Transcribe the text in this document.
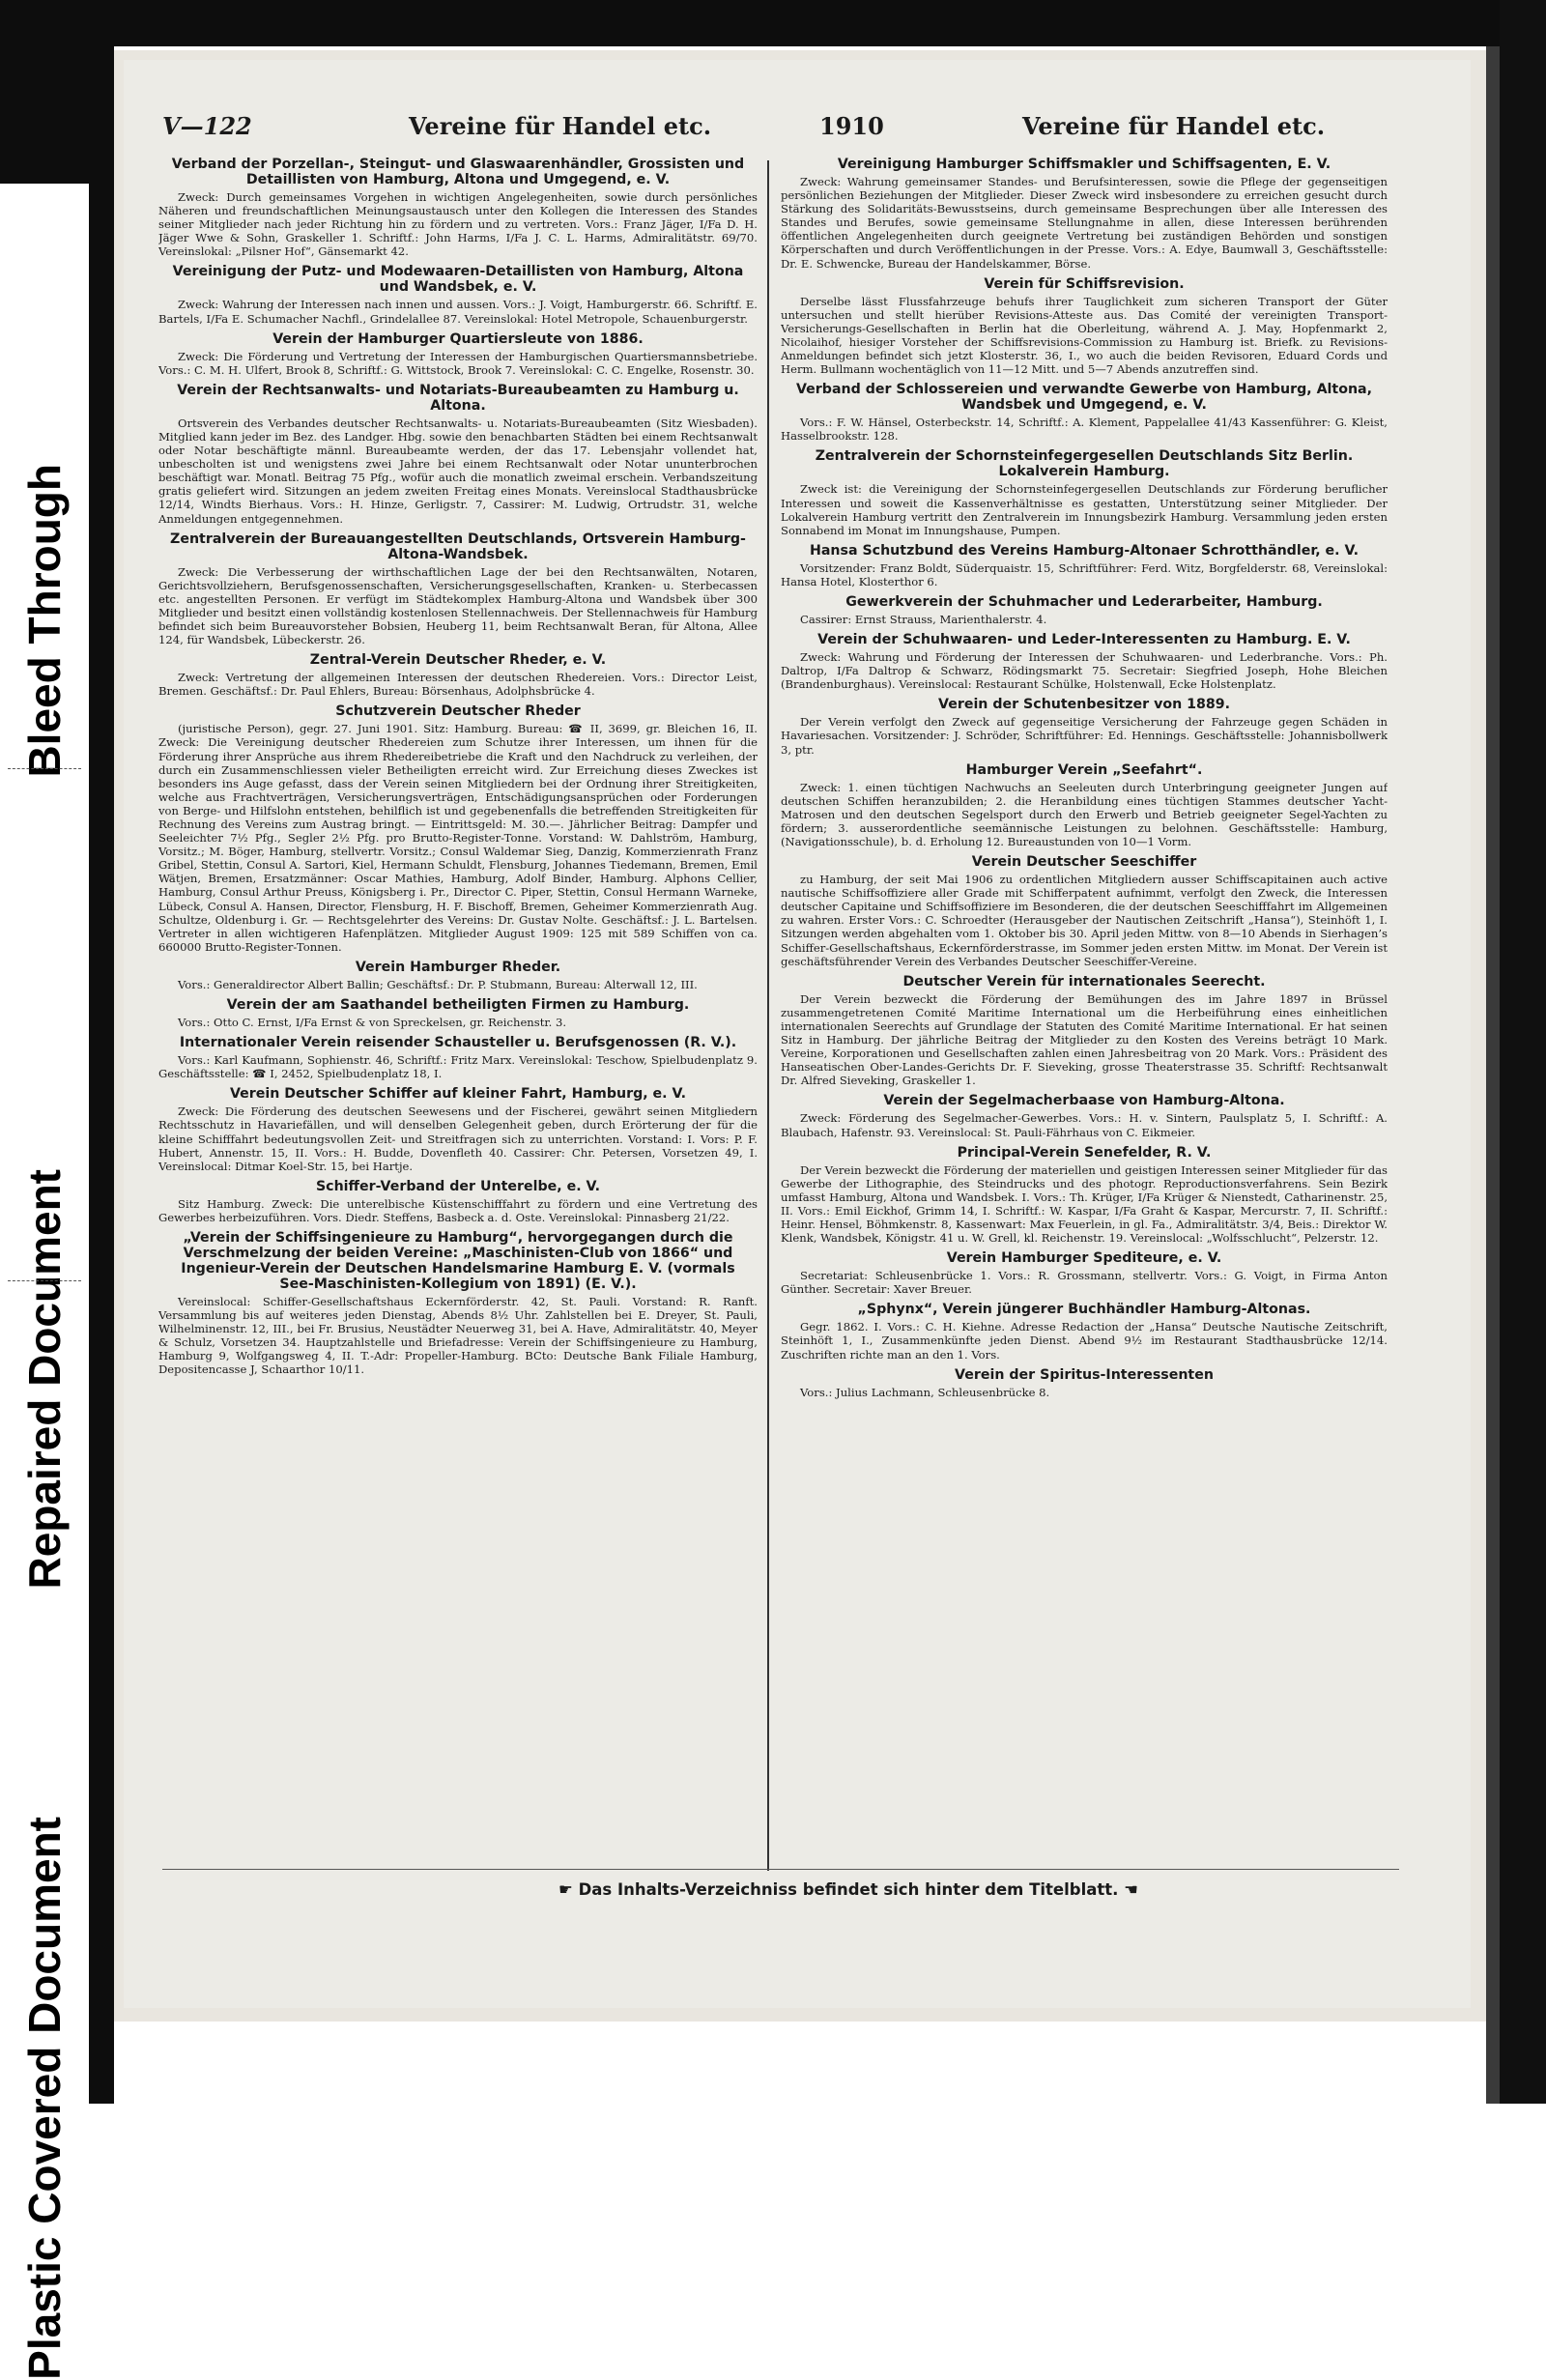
Bleed Through
Repaired Document
Plastic Covered Document
V—122	Vereine für Handel etc.	1910	Vereine für Handel etc.
Verband der Porzellan-, Steingut- und Glaswaarenhändler, Grossisten und Detaillisten von Hamburg, Altona und Umgegend, e. V.

Zweck: Durch gemeinsames Vorgehen in wichtigen Angelegenheiten, sowie durch persönliches Näheren und freundschaftlichen Meinungsaustausch unter den Kollegen die Interessen des Standes seiner Mitglieder nach jeder Richtung hin zu fördern und zu vertreten. Vors.: Franz Jäger, I/Fa D. H. Jäger Wwe & Sohn, Graskeller 1. Schriftf.: John Harms, I/Fa J. C. L. Harms, Admiralitätstr. 69/70. Vereinslokal: „Pilsner Hof“, Gänsemarkt 42.

Vereinigung der Putz- und Modewaaren-Detaillisten von Hamburg, Altona und Wandsbek, e. V.

Zweck: Wahrung der Interessen nach innen und aussen. Vors.: J. Voigt, Hamburgerstr. 66. Schriftf. E. Bartels, I/Fa E. Schumacher Nachfl., Grindelallee 87. Vereinslokal: Hotel Metropole, Schauenburgerstr.

Verein der Hamburger Quartiersleute von 1886.

Zweck: Die Förderung und Vertretung der Interessen der Hamburgischen Quartiersmannsbetriebe. Vors.: C. M. H. Ulfert, Brook 8, Schriftf.: G. Wittstock, Brook 7. Vereinslokal: C. C. Engelke, Rosenstr. 30.

Verein der Rechtsanwalts- und Notariats-Bureaubeamten zu Hamburg u. Altona.

Ortsverein des Verbandes deutscher Rechtsanwalts- u. Notariats-Bureaubeamten (Sitz Wiesbaden). Mitglied kann jeder im Bez. des Landger. Hbg. sowie den benachbarten Städten bei einem Rechtsanwalt oder Notar beschäftigte männl. Bureaubeamte werden, der das 17. Lebensjahr vollendet hat, unbescholten ist und wenigstens zwei Jahre bei einem Rechtsanwalt oder Notar ununterbrochen beschäftigt war. Monatl. Beitrag 75 Pfg., wofür auch die monatlich zweimal erschein. Verbandszeitung gratis geliefert wird. Sitzungen an jedem zweiten Freitag eines Monats. Vereinslocal Stadthausbrücke 12/14, Windts Bierhaus. Vors.: H. Hinze, Gerligstr. 7, Cassirer: M. Ludwig, Ortrudstr. 31, welche Anmeldungen entgegennehmen.

Zentralverein der Bureauangestellten Deutschlands, Ortsverein Hamburg-Altona-Wandsbek.

Zweck: Die Verbesserung der wirthschaftlichen Lage der bei den Rechtsanwälten, Notaren, Gerichtsvollziehern, Berufsgenossenschaften, Versicherungsgesellschaften, Kranken- u. Sterbecassen etc. angestellten Personen. Er verfügt im Städtekomplex Hamburg-Altona und Wandsbek über 300 Mitglieder und besitzt einen vollständig kostenlosen Stellennachweis. Der Stellennachweis für Hamburg befindet sich beim Bureauvorsteher Bobsien, Heuberg 11, beim Rechtsanwalt Beran, für Altona, Allee 124, für Wandsbek, Lübeckerstr. 26.

Zentral-Verein Deutscher Rheder, e. V.

Zweck: Vertretung der allgemeinen Interessen der deutschen Rhedereien. Vors.: Director Leist, Bremen. Geschäftsf.: Dr. Paul Ehlers, Bureau: Börsenhaus, Adolphsbrücke 4.

Schutzverein Deutscher Rheder

(juristische Person), gegr. 27. Juni 1901. Sitz: Hamburg. Bureau: ☎ II, 3699, gr. Bleichen 16, II. Zweck: Die Vereinigung deutscher Rhedereien zum Schutze ihrer Interessen, um ihnen für die Förderung ihrer Ansprüche aus ihrem Rhedereibetriebe die Kraft und den Nachdruck zu verleihen, der durch ein Zusammenschliessen vieler Betheiligten erreicht wird. Zur Erreichung dieses Zweckes ist besonders ins Auge gefasst, dass der Verein seinen Mitgliedern bei der Ordnung ihrer Streitigkeiten, welche aus Frachtverträgen, Versicherungsverträgen, Entschädigungsansprüchen oder Forderungen von Berge- und Hilfslohn entstehen, behilflich ist und gegebenenfalls die betreffenden Streitigkeiten für Rechnung des Vereins zum Austrag bringt. — Eintrittsgeld: M. 30.—. Jährlicher Beitrag: Dampfer und Seeleichter 7½ Pfg., Segler 2½ Pfg. pro Brutto-Register-Tonne. Vorstand: W. Dahlström, Hamburg, Vorsitz.; M. Böger, Hamburg, stellvertr. Vorsitz.; Consul Waldemar Sieg, Danzig, Kommerzienrath Franz Gribel, Stettin, Consul A. Sartori, Kiel, Hermann Schuldt, Flensburg, Johannes Tiedemann, Bremen, Emil Wätjen, Bremen, Ersatzmänner: Oscar Mathies, Hamburg, Adolf Binder, Hamburg. Alphons Cellier, Hamburg, Consul Arthur Preuss, Königsberg i. Pr., Director C. Piper, Stettin, Consul Hermann Warneke, Lübeck, Consul A. Hansen, Director, Flensburg, H. F. Bischoff, Bremen, Geheimer Kommerzienrath Aug. Schultze, Oldenburg i. Gr. — Rechtsgelehrter des Vereins: Dr. Gustav Nolte. Geschäftsf.: J. L. Bartelsen. Vertreter in allen wichtigeren Hafenplätzen. Mitglieder August 1909: 125 mit 589 Schiffen von ca. 660000 Brutto-Register-Tonnen.

Verein Hamburger Rheder.

Vors.: Generaldirector Albert Ballin; Geschäftsf.: Dr. P. Stubmann, Bureau: Alterwall 12, III.

Verein der am Saathandel betheiligten Firmen zu Hamburg.

Vors.: Otto C. Ernst, I/Fa Ernst & von Spreckelsen, gr. Reichenstr. 3.

Internationaler Verein reisender Schausteller u. Berufsgenossen (R. V.).

Vors.: Karl Kaufmann, Sophienstr. 46, Schriftf.: Fritz Marx. Vereinslokal: Teschow, Spielbudenplatz 9. Geschäftsstelle: ☎ I, 2452, Spielbudenplatz 18, I.

Verein Deutscher Schiffer auf kleiner Fahrt, Hamburg, e. V.

Zweck: Die Förderung des deutschen Seewesens und der Fischerei, gewährt seinen Mitgliedern Rechtsschutz in Havariefällen, und will denselben Gelegenheit geben, durch Erörterung der für die kleine Schifffahrt bedeutungsvollen Zeit- und Streitfragen sich zu unterrichten. Vorstand: I. Vors: P. F. Hubert, Annenstr. 15, II. Vors.: H. Budde, Dovenfleth 40. Cassirer: Chr. Petersen, Vorsetzen 49, I. Vereinslocal: Ditmar Koel-Str. 15, bei Hartje.

Schiffer-Verband der Unterelbe, e. V.

Sitz Hamburg. Zweck: Die unterelbische Küstenschifffahrt zu fördern und eine Vertretung des Gewerbes herbeizuführen. Vors. Diedr. Steffens, Basbeck a. d. Oste. Vereinslokal: Pinnasberg 21/22.

„Verein der Schiffsingenieure zu Hamburg“, hervorgegangen durch die Verschmelzung der beiden Vereine: „Maschinisten-Club von 1866“ und Ingenieur-Verein der Deutschen Handelsmarine Hamburg E. V. (vormals See-Maschinisten-Kollegium von 1891) (E. V.).

Vereinslocal: Schiffer-Gesellschaftshaus Eckernförderstr. 42, St. Pauli. Vorstand: R. Ranft. Versammlung bis auf weiteres jeden Dienstag, Abends 8½ Uhr. Zahlstellen bei E. Dreyer, St. Pauli, Wilhelminenstr. 12, III., bei Fr. Brusius, Neustädter Neuerweg 31, bei A. Have, Admiralitätstr. 40, Meyer & Schulz, Vorsetzen 34. Hauptzahlstelle und Briefadresse: Verein der Schiffsingenieure zu Hamburg, Hamburg 9, Wolfgangsweg 4, II. T.-Adr: Propeller-Hamburg. BCto: Deutsche Bank Filiale Hamburg, Depositencasse J, Schaarthor 10/11.

Vereinigung Hamburger Schiffsmakler und Schiffsagenten, E. V.

Zweck: Wahrung gemeinsamer Standes- und Berufsinteressen, sowie die Pflege der gegenseitigen persönlichen Beziehungen der Mitglieder. Dieser Zweck wird insbesondere zu erreichen gesucht durch Stärkung des Solidaritäts-Bewusstseins, durch gemeinsame Besprechungen über alle Interessen des Standes und Berufes, sowie gemeinsame Stellungnahme in allen, diese Interessen berührenden öffentlichen Angelegenheiten durch geeignete Vertretung bei zuständigen Behörden und sonstigen Körperschaften und durch Veröffentlichungen in der Presse. Vors.: A. Edye, Baumwall 3, Geschäftsstelle: Dr. E. Schwencke, Bureau der Handelskammer, Börse.

Verein für Schiffsrevision.

Derselbe lässt Flussfahrzeuge behufs ihrer Tauglichkeit zum sicheren Transport der Güter untersuchen und stellt hierüber Revisions-Atteste aus. Das Comité der vereinigten Transport-Versicherungs-Gesellschaften in Berlin hat die Oberleitung, während A. J. May, Hopfenmarkt 2, Nicolaihof, hiesiger Vorsteher der Schiffsrevisions-Commission zu Hamburg ist. Briefk. zu Revisions-Anmeldungen befindet sich jetzt Klosterstr. 36, I., wo auch die beiden Revisoren, Eduard Cords und Herm. Bullmann wochentäglich von 11—12 Mitt. und 5—7 Abends anzutreffen sind.

Verband der Schlossereien und verwandte Gewerbe von Hamburg, Altona, Wandsbek und Umgegend, e. V.

Vors.: F. W. Hänsel, Osterbeckstr. 14, Schriftf.: A. Klement, Pappelallee 41/43 Kassenführer: G. Kleist, Hasselbrookstr. 128.

Zentralverein der Schornsteinfegergesellen Deutschlands Sitz Berlin. Lokalverein Hamburg.

Zweck ist: die Vereinigung der Schornsteinfegergesellen Deutschlands zur Förderung beruflicher Interessen und soweit die Kassenverhältnisse es gestatten, Unterstützung seiner Mitglieder. Der Lokalverein Hamburg vertritt den Zentralverein im Innungsbezirk Hamburg. Versammlung jeden ersten Sonnabend im Monat im Innungshause, Pumpen.

Hansa Schutzbund des Vereins Hamburg-Altonaer Schrotthändler, e. V.

Vorsitzender: Franz Boldt, Süderquaistr. 15, Schriftführer: Ferd. Witz, Borgfelderstr. 68, Vereinslokal: Hansa Hotel, Klosterthor 6.

Gewerkverein der Schuhmacher und Lederarbeiter, Hamburg.

Cassirer: Ernst Strauss, Marienthalerstr. 4.

Verein der Schuhwaaren- und Leder-Interessenten zu Hamburg. E. V.

Zweck: Wahrung und Förderung der Interessen der Schuhwaaren- und Lederbranche. Vors.: Ph. Daltrop, I/Fa Daltrop & Schwarz, Rödingsmarkt 75. Secretair: Siegfried Joseph, Hohe Bleichen (Brandenburghaus). Vereinslocal: Restaurant Schülke, Holstenwall, Ecke Holstenplatz.

Verein der Schutenbesitzer von 1889.

Der Verein verfolgt den Zweck auf gegenseitige Versicherung der Fahrzeuge gegen Schäden in Havariesachen. Vorsitzender: J. Schröder, Schriftführer: Ed. Hennings. Geschäftsstelle: Johannisbollwerk 3, ptr.

Hamburger Verein „Seefahrt“.

Zweck: 1. einen tüchtigen Nachwuchs an Seeleuten durch Unterbringung geeigneter Jungen auf deutschen Schiffen heranzubilden; 2. die Heranbildung eines tüchtigen Stammes deutscher Yacht-Matrosen und den deutschen Segelsport durch den Erwerb und Betrieb geeigneter Segel-Yachten zu fördern; 3. ausserordentliche seemännische Leistungen zu belohnen. Geschäftsstelle: Hamburg, (Navigationsschule), b. d. Erholung 12. Bureaustunden von 10—1 Vorm.

Verein Deutscher Seeschiffer

zu Hamburg, der seit Mai 1906 zu ordentlichen Mitgliedern ausser Schiffscapitainen auch active nautische Schiffsoffiziere aller Grade mit Schifferpatent aufnimmt, verfolgt den Zweck, die Interessen deutscher Capitaine und Schiffsoffiziere im Besonderen, die der deutschen Seeschifffahrt im Allgemeinen zu wahren. Erster Vors.: C. Schroedter (Herausgeber der Nautischen Zeitschrift „Hansa“), Steinhöft 1, I. Sitzungen werden abgehalten vom 1. Oktober bis 30. April jeden Mittw. von 8—10 Abends in Sierhagen’s Schiffer-Gesellschaftshaus, Eckernförderstrasse, im Sommer jeden ersten Mittw. im Monat. Der Verein ist geschäftsführender Verein des Verbandes Deutscher Seeschiffer-Vereine.

Deutscher Verein für internationales Seerecht.

Der Verein bezweckt die Förderung der Bemühungen des im Jahre 1897 in Brüssel zusammengetretenen Comité Maritime International um die Herbeiführung eines einheitlichen internationalen Seerechts auf Grundlage der Statuten des Comité Maritime International. Er hat seinen Sitz in Hamburg. Der jährliche Beitrag der Mitglieder zu den Kosten des Vereins beträgt 10 Mark. Vereine, Korporationen und Gesellschaften zahlen einen Jahresbeitrag von 20 Mark. Vors.: Präsident des Hanseatischen Ober-Landes-Gerichts Dr. F. Sieveking, grosse Theaterstrasse 35. Schriftf: Rechtsanwalt Dr. Alfred Sieveking, Graskeller 1.

Verein der Segelmacherbaase von Hamburg-Altona.

Zweck: Förderung des Segelmacher-Gewerbes. Vors.: H. v. Sintern, Paulsplatz 5, I. Schriftf.: A. Blaubach, Hafenstr. 93. Vereinslocal: St. Pauli-Fährhaus von C. Eikmeier.

Principal-Verein Senefelder, R. V.

Der Verein bezweckt die Förderung der materiellen und geistigen Interessen seiner Mitglieder für das Gewerbe der Lithographie, des Steindrucks und des photogr. Reproductionsverfahrens. Sein Bezirk umfasst Hamburg, Altona und Wandsbek. I. Vors.: Th. Krüger, I/Fa Krüger & Nienstedt, Catharinenstr. 25, II. Vors.: Emil Eickhof, Grimm 14, I. Schriftf.: W. Kaspar, I/Fa Graht & Kaspar, Mercurstr. 7, II. Schriftf.: Heinr. Hensel, Böhmkenstr. 8, Kassenwart: Max Feuerlein, in gl. Fa., Admiralitätstr. 3/4, Beis.: Direktor W. Klenk, Wandsbek, Königstr. 41 u. W. Grell, kl. Reichenstr. 19. Vereinslocal: „Wolfsschlucht“, Pelzerstr. 12.

Verein Hamburger Spediteure, e. V.

Secretariat: Schleusenbrücke 1. Vors.: R. Grossmann, stellvertr. Vors.: G. Voigt, in Firma Anton Günther. Secretair: Xaver Breuer.

„Sphynx“, Verein jüngerer Buchhändler Hamburg-Altonas.

Gegr. 1862. I. Vors.: C. H. Kiehne. Adresse Redaction der „Hansa“ Deutsche Nautische Zeitschrift, Steinhöft 1, I., Zusammenkünfte jeden Dienst. Abend 9½ im Restaurant Stadthausbrücke 12/14. Zuschriften richte man an den 1. Vors.

Verein der Spiritus-Interessenten

Vors.: Julius Lachmann, Schleusenbrücke 8.

☛ Das Inhalts-Verzeichniss befindet sich hinter dem Titelblatt. ☚
